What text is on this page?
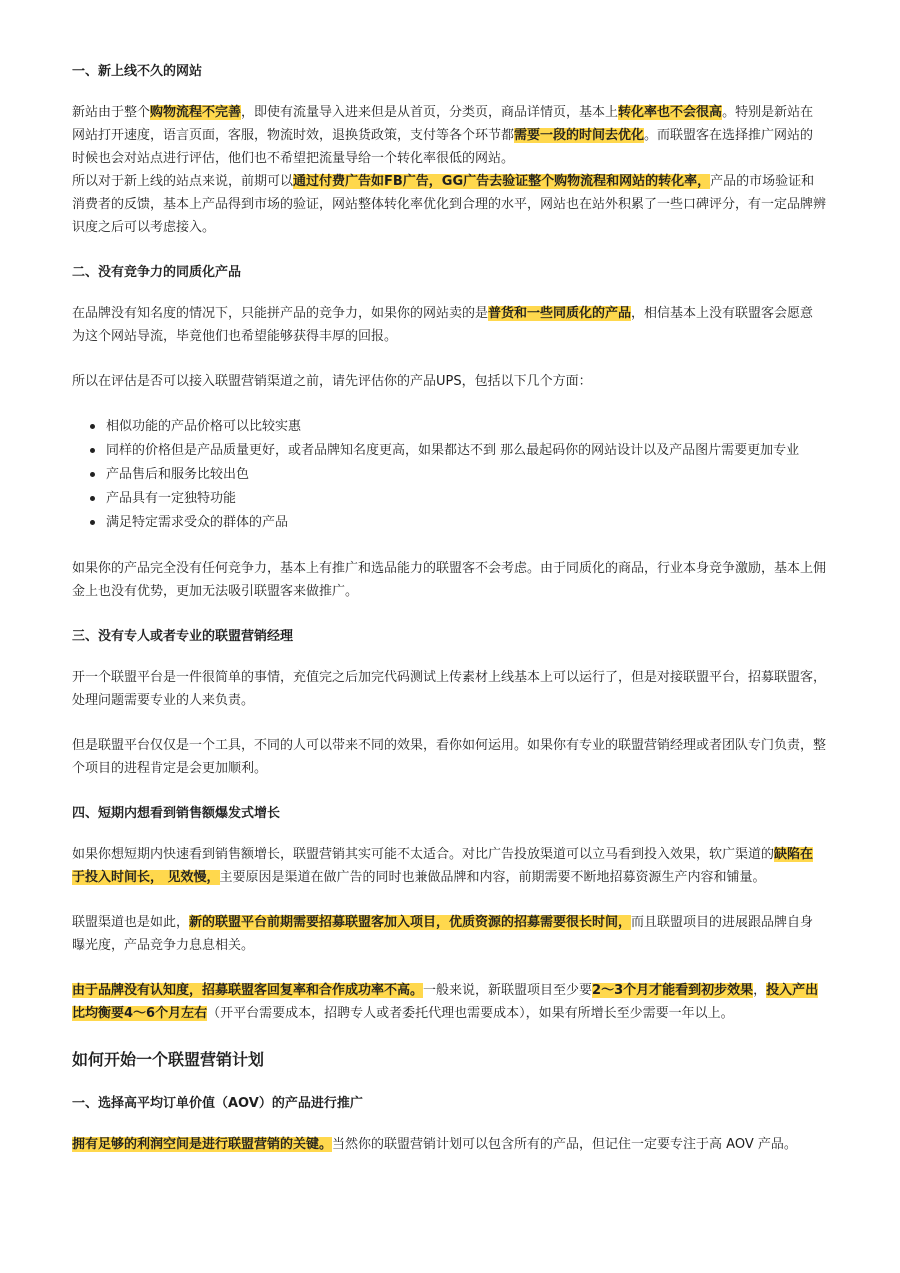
一、新上线不久的网站

新站由于整个购物流程不完善，即使有流量导入进来但是从首页，分类页，商品详情页，基本上转化率也不会很高。特别是新站在网站打开速度，语言页面，客服，物流时效，退换货政策，支付等各个环节都需要一段的时间去优化。而联盟客在选择推广网站的时候也会对站点进行评估，他们也不希望把流量导给一个转化率很低的网站。

所以对于新上线的站点来说，前期可以通过付费广告如FB广告，GG广告去验证整个购物流程和网站的转化率，产品的市场验证和消费者的反馈，基本上产品得到市场的验证，网站整体转化率优化到合理的水平，网站也在站外积累了一些口碑评分，有一定品牌辨识度之后可以考虑接入。

二、没有竞争力的同质化产品

在品牌没有知名度的情况下，只能拼产品的竞争力，如果你的网站卖的是普货和一些同质化的产品，相信基本上没有联盟客会愿意为这个网站导流，毕竟他们也希望能够获得丰厚的回报。

所以在评估是否可以接入联盟营销渠道之前，请先评估你的产品UPS，包括以下几个方面：

相似功能的产品价格可以比较实惠
同样的价格但是产品质量更好，或者品牌知名度更高，如果都达不到 那么最起码你的网站设计以及产品图片需要更加专业
产品售后和服务比较出色
产品具有一定独特功能
满足特定需求受众的群体的产品

如果你的产品完全没有任何竞争力，基本上有推广和选品能力的联盟客不会考虑。由于同质化的商品，行业本身竞争激励，基本上佣金上也没有优势，更加无法吸引联盟客来做推广。

三、没有专人或者专业的联盟营销经理

开一个联盟平台是一件很简单的事情，充值完之后加完代码测试上传素材上线基本上可以运行了，但是对接联盟平台，招募联盟客，处理问题需要专业的人来负责。

但是联盟平台仅仅是一个工具，不同的人可以带来不同的效果，看你如何运用。如果你有专业的联盟营销经理或者团队专门负责，整个项目的进程肯定是会更加顺利。

四、短期内想看到销售额爆发式增长

如果你想短期内快速看到销售额增长，联盟营销其实可能不太适合。对比广告投放渠道可以立马看到投入效果，软广渠道的缺陷在于投入时间长， 见效慢，主要原因是渠道在做广告的同时也兼做品牌和内容，前期需要不断地招募资源生产内容和铺量。

联盟渠道也是如此，新的联盟平台前期需要招募联盟客加入项目，优质资源的招募需要很长时间，而且联盟项目的进展跟品牌自身曝光度，产品竞争力息息相关。

由于品牌没有认知度，招募联盟客回复率和合作成功率不高。一般来说，新联盟项目至少要2～3个月才能看到初步效果，投入产出比均衡要4～6个月左右（开平台需要成本，招聘专人或者委托代理也需要成本），如果有所增长至少需要一年以上。

如何开始一个联盟营销计划

一、选择高平均订单价值（AOV）的产品进行推广

拥有足够的利润空间是进行联盟营销的关键。当然你的联盟营销计划可以包含所有的产品，但记住一定要专注于高 AOV 产品。
